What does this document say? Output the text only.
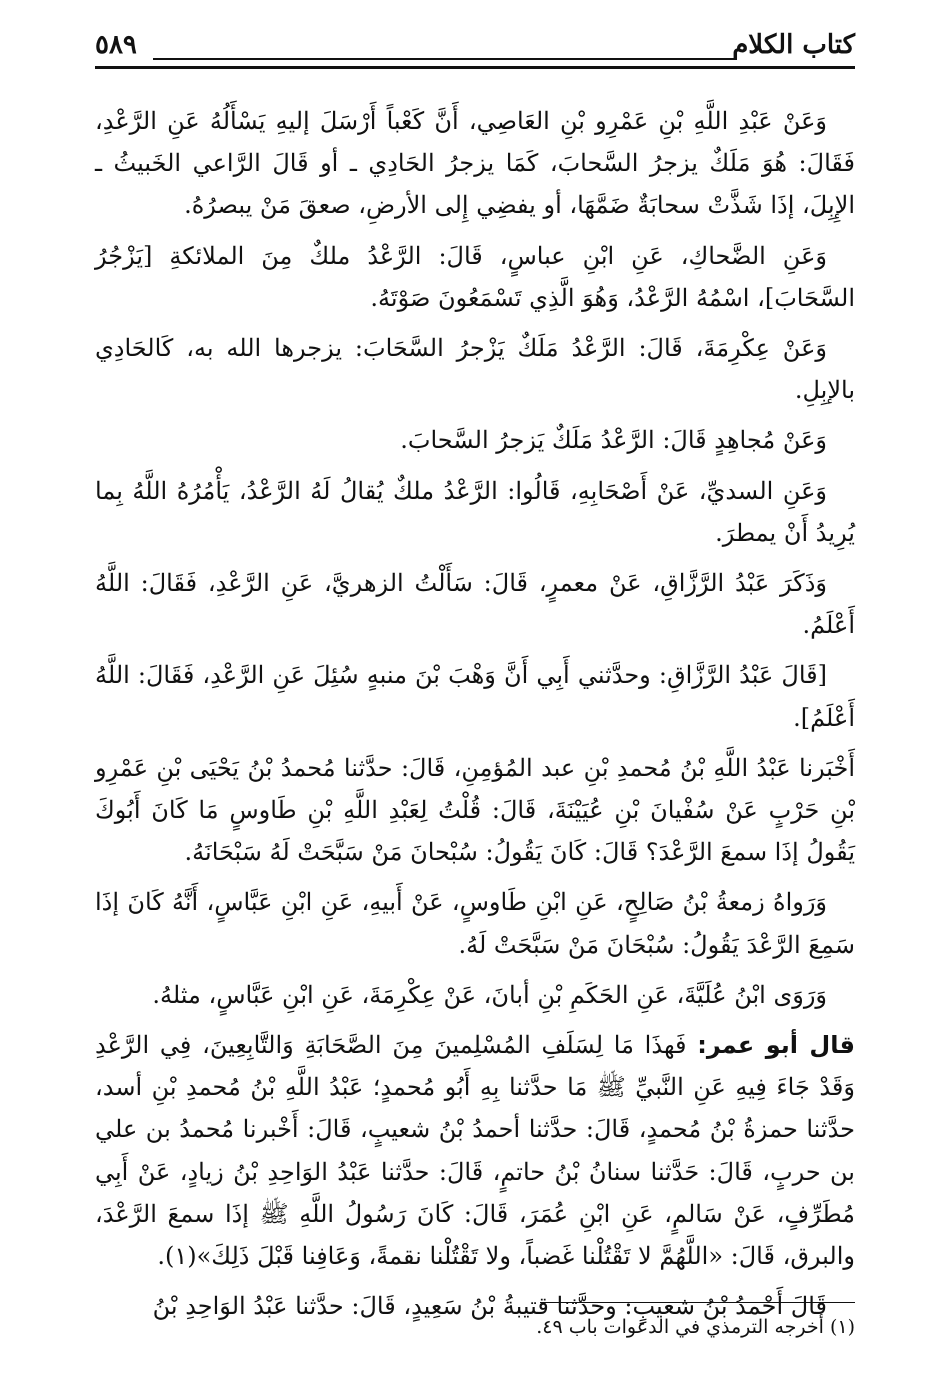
كتاب الكلام
٥٨٩

وَعَنْ عَبْدِ اللَّهِ بْنِ عَمْرِو بْنِ العَاصِي، أَنَّ كَعْباً أَرْسَلَ إليهِ يَسْأَلُهُ عَنِ الرَّعْدِ، فَقَالَ: هُوَ مَلَكٌ يزجرُ السَّحابَ، كَمَا يزجرُ الحَادِي ـ أو قَالَ الرَّاعي الخَبيثُ ـ الإِبِلَ، إذَا شَذَّتْ سحابَةٌ ضَمَّهَا، أو يفضِي إِلى الأرضِ، صعقَ مَنْ يبصرُهُ.

وَعَنِ الضَّحاكِ، عَنِ ابْنِ عباسٍ، قَالَ: الرَّعْدُ ملكٌ مِنَ الملائكةِ [يَزْجُرُ السَّحَابَ]، اسْمُهُ الرَّعْدُ، وَهُوَ الَّذِي تَسْمَعُونَ صَوْتَهُ.

وَعَنْ عِكْرِمَةَ، قَالَ: الرَّعْدُ مَلَكٌ يَزْجرُ السَّحَابَ: يزجرها الله به، كَالحَادِي بالإبِلِ.

وَعَنْ مُجاهِدٍ قَالَ: الرَّعْدُ مَلَكٌ يَزجرُ السَّحابَ.

وَعَنِ السديِّ، عَنْ أَصْحَابِهِ، قَالُوا: الرَّعْدُ ملكٌ يُقالُ لَهُ الرَّعْدُ، يَأْمُرُهُ اللَّهُ بِما يُرِيدُ أَنْ يمطرَ.

وَذَكَرَ عَبْدُ الرَّزَّاقِ، عَنْ معمرٍ، قَالَ: سَأَلْتُ الزهريَّ، عَنِ الرَّعْدِ، فَقَالَ: اللَّهُ أَعْلَمُ.

[قَالَ عَبْدُ الرَّزَّاقِ: وحدَّثني أَبِي أَنَّ وَهْبَ بْنَ منبهٍ سُئِلَ عَنِ الرَّعْدِ، فَقَالَ: اللَّهُ أَعْلَمُ].

أَخْبَرنا عَبْدُ اللَّهِ بْنُ مُحمدِ بْنِ عبد المُؤمِنِ، قَالَ: حدَّثنا مُحمدُ بْنُ يَحْيَى بْنِ عَمْرِو بْنِ حَرْبٍ عَنْ سُفْيانَ بْنِ عُيَيْنَةَ، قَالَ: قُلْتُ لِعَبْدِ اللَّهِ بْنِ طَاوسٍ مَا كَانَ أَبُوكَ يَقُولُ إذَا سمعَ الرَّعْدَ؟ قَالَ: كَانَ يَقُولُ: سُبْحانَ مَنْ سَبَّحَتْ لَهُ سَبْحَانَهُ.

وَرَواهُ زمعةُ بْنُ صَالِحٍ، عَنِ ابْنِ طَاوسٍ، عَنْ أَبيهِ، عَنِ ابْنِ عَبَّاسٍ، أَنَّهُ كَانَ إذَا سَمِعَ الرَّعْدَ يَقُولُ: سُبْحَانَ مَنْ سَبَّحَتْ لَهُ.

وَرَوَى ابْنُ عُلَيَّةَ، عَنِ الحَكَمِ بْنِ أبانَ، عَنْ عِكْرِمَةَ، عَنِ ابْنِ عَبَّاسٍ، مثلهُ.

قال أبو عمر: فَهذَا مَا لِسَلَفِ المُسْلِمينَ مِنَ الصَّحَابَةِ وَالتَّابِعِينَ، فِي الرَّعْدِ وَقَدْ جَاءَ فِيهِ عَنِ النَّبيِّ ﷺ مَا حدَّثنا بِهِ أَبُو مُحمدٍ؛ عَبْدُ اللَّهِ بْنُ مُحمدِ بْنِ أسد، حدَّثنا حمزةُ بْنُ مُحمدٍ، قَالَ: حدَّثنا أحمدُ بْنُ شعيبٍ، قَالَ: أَخْبرنا مُحمدُ بن علي بن حربٍ، قَالَ: حَدَّثنا سنانُ بْنُ حاتمٍ، قَالَ: حدَّثنا عَبْدُ الوَاحِدِ بْنُ زيادٍ، عَنْ أَبِي مُطَرِّفٍ، عَنْ سَالمٍ، عَنِ ابْنِ عُمَرَ، قَالَ: كَانَ رَسُولُ اللَّهِ ﷺ إذَا سمعَ الرَّعْدَ، والبرق، قَالَ: «اللَّهُمَّ لا تَقْتُلْنا غَضباً، ولا تَقْتُلْنا نقمةً، وَعَافِنا قَبْلَ ذَلِكَ»(١).

قَالَ أَحْمدُ بْنُ شعيبٍ: وحدَّثنا قتيبةُ بْنُ سَعِيدٍ، قَالَ: حدَّثنا عَبْدُ الوَاحِدِ بْنُ

(١) أخرجه الترمذي في الدعوات باب ٤٩.
